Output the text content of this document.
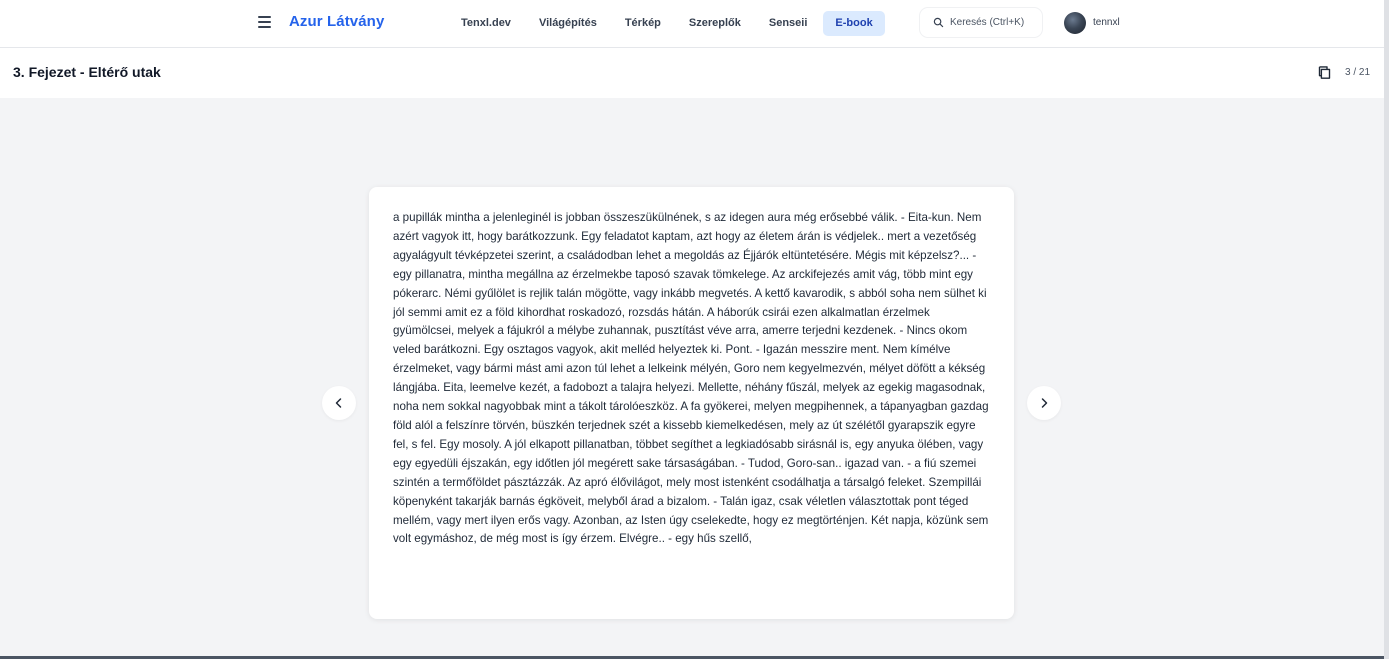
Azur Látvány	Tenxl.dev	Világépítés	Térkép	Szereplők	Senseii	E-book	Keresés (Ctrl+K)	tennxl
3. Fejezet - Eltérő utak	3 / 21
a pupillák mintha a jelenleginél is jobban összeszükülnének, s az idegen aura még erősebbé válik. - Eita-kun. Nem azért vagyok itt, hogy barátkozzunk. Egy feladatot kaptam, azt hogy az életem árán is védjelek.. mert a vezetőség agyalágyult tévképzetei szerint, a családodban lehet a megoldás az Éjjárók eltüntetésére. Mégis mit képzelsz?... - egy pillanatra, mintha megállna az érzelmekbe taposó szavak tömkelege. Az arckifejezés amit vág, több mint egy pókerarc. Némi gyűlölet is rejlik talán mögötte, vagy inkább megvetés. A kettő kavarodik, s abból soha nem sülhet ki jól semmi amit ez a föld kihordhat roskadozó, rozsdás hátán. A háborúk csirái ezen alkalmatlan érzelmek gyümölcsei, melyek a fájukról a mélybe zuhannak, pusztítást véve arra, amerre terjedni kezdenek. - Nincs okom veled barátkozni. Egy osztagos vagyok, akit melléd helyeztek ki. Pont. - Igazán messzire ment. Nem kímélve érzelmeket, vagy bármi mást ami azon túl lehet a lelkeink mélyén, Goro nem kegyelmezvén, mélyet döfött a kékség lángjába. Eita, leemelve kezét, a fadobozt a talajra helyezi. Mellette, néhány fűszál, melyek az egekig magasodnak, noha nem sokkal nagyobbak mint a tákolt tárolóeszköz. A fa gyökerei, melyen megpihennek, a tápanyagban gazdag föld alól a felszínre törvén, büszkén terjednek szét a kissebb kiemelkedésen, mely az út szélétől gyarapszik egyre fel, s fel. Egy mosoly. A jól elkapott pillanatban, többet segíthet a legkiadósabb sirásnál is, egy anyuka ölében, vagy egy egyedüli éjszakán, egy időtlen jól megérett sake társaságában. - Tudod, Goro-san.. igazad van. - a fiú szemei szintén a termőföldet pásztázzák. Az apró élővilágot, mely most istenként csodálhatja a társalgó feleket. Szempillái köpenyként takarják barnás égköveit, melyből árad a bizalom. - Talán igaz, csak véletlen választottak pont téged mellém, vagy mert ilyen erős vagy. Azonban, az Isten úgy cselekedte, hogy ez megtörténjen. Két napja, közünk sem volt egymáshoz, de még most is így érzem. Elvégre.. - egy hűs szellő,
